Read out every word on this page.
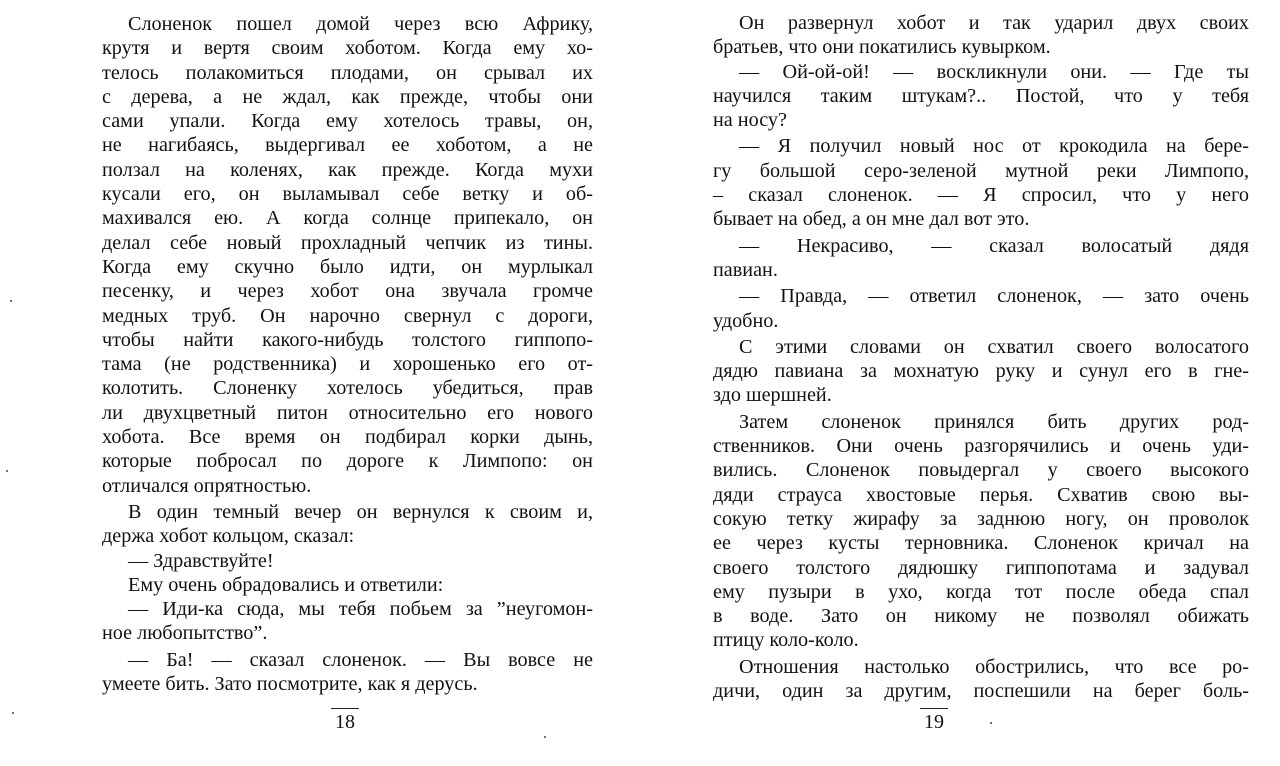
Слоненок пошел домой через всю Африку,
крутя и вертя своим хоботом. Когда ему хо-
телось полакомиться плодами, он срывал их
с дерева, а не ждал, как прежде, чтобы они
сами упали. Когда ему хотелось травы, он,
не нагибаясь, выдергивал ее хоботом, а не
ползал на коленях, как прежде. Когда мухи
кусали его, он выламывал себе ветку и об-
махивался ею. А когда солнце припекало, он
делал себе новый прохладный чепчик из тины.
Когда ему скучно было идти, он мурлыкал
песенку, и через хобот она звучала громче
медных труб. Он нарочно свернул с дороги,
чтобы найти какого-нибудь толстого гиппопо-
тама (не родственника) и хорошенько его от-
колотить. Слоненку хотелось убедиться, прав
ли двухцветный питон относительно его нового
хобота. Все время он подбирал корки дынь,
которые побросал по дороге к Лимпопо: он
отличался опрятностью.
В один темный вечер он вернулся к своим и,
держа хобот кольцом, сказал:
— Здравствуйте!
Ему очень обрадовались и ответили:
— Иди-ка сюда, мы тебя побьем за ”неугомон-
ное любопытство”.
— Ба! — сказал слоненок. — Вы вовсе не
умеете бить. Зато посмотрите, как я дерусь.
18
Он развернул хобот и так ударил двух своих
братьев, что они покатились кувырком.
— Ой-ой-ой! — воскликнули они. — Где ты
научился таким штукам?.. Постой, что у тебя
на носу?
— Я получил новый нос от крокодила на бере-
гу большой серо-зеленой мутной реки Лимпопо,
– сказал слоненок. — Я спросил, что у него
бывает на обед, а он мне дал вот это.
— Некрасиво, — сказал волосатый дядя
павиан.
— Правда, — ответил слоненок, — зато очень
удобно.
С этими словами он схватил своего волосатого
дядю павиана за мохнатую руку и сунул его в гне-
здо шершней.
Затем слоненок принялся бить других род-
ственников. Они очень разгорячились и очень уди-
вились. Слоненок повыдергал у своего высокого
дяди страуса хвостовые перья. Схватив свою вы-
сокую тетку жирафу за заднюю ногу, он проволок
ее через кусты терновника. Слоненок кричал на
своего толстого дядюшку гиппопотама и задувал
ему пузыри в ухо, когда тот после обеда спал
в воде. Зато он никому не позволял обижать
птицу коло-коло.
Отношения настолько обострились, что все ро-
дичи, один за другим, поспешили на берег боль-
19
